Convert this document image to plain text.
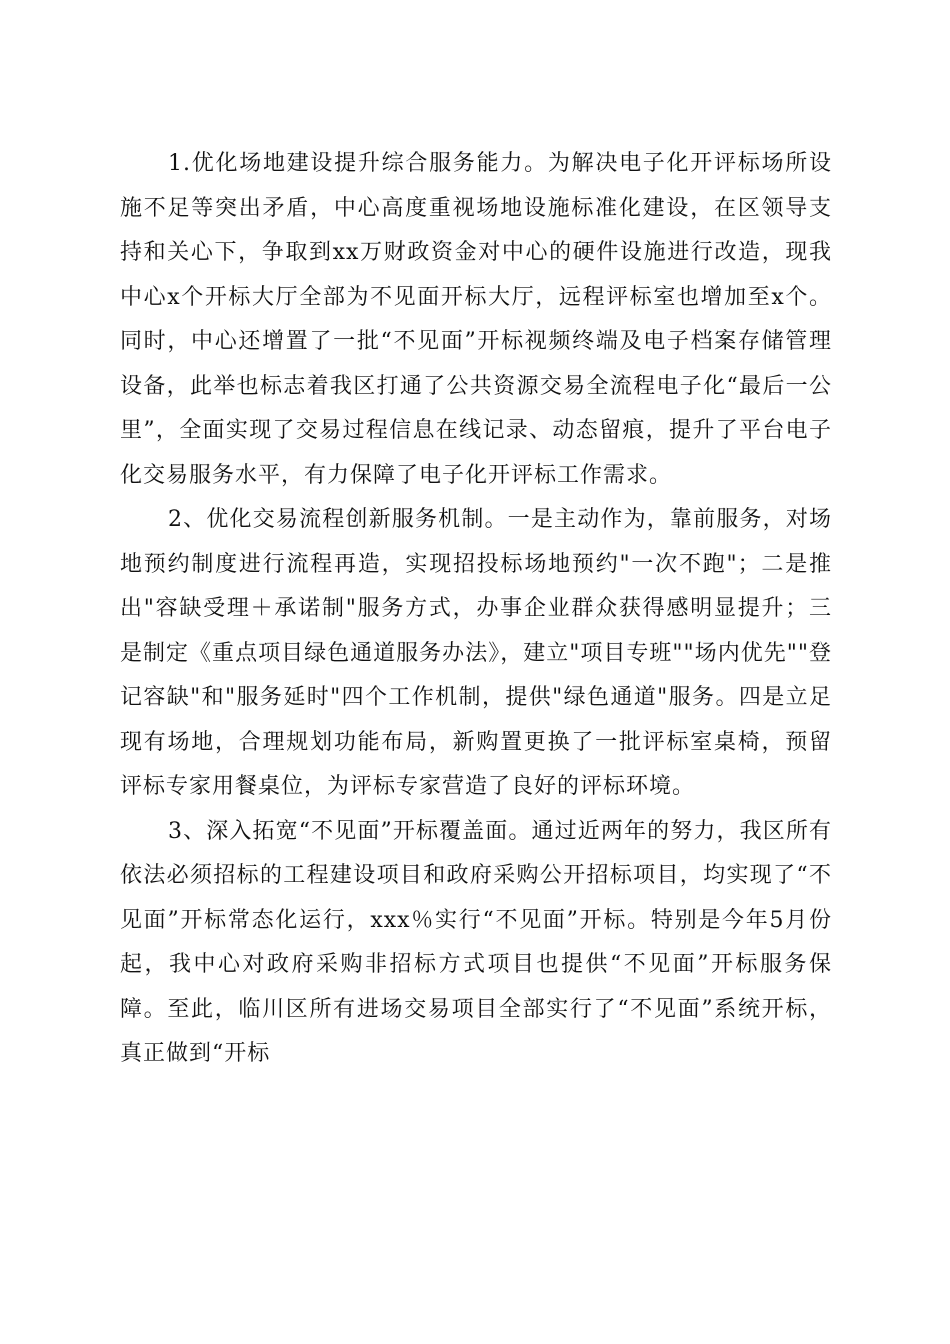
1.优化场地建设提升综合服务能力。为解决电子化开评标场所设施不足等突出矛盾，中心高度重视场地设施标准化建设，在区领导支持和关心下，争取到xx万财政资金对中心的硬件设施进行改造，现我中心x个开标大厅全部为不见面开标大厅，远程评标室也增加至x个。同时，中心还增置了一批“不见面”开标视频终端及电子档案存储管理设备，此举也标志着我区打通了公共资源交易全流程电子化“最后一公里”，全面实现了交易过程信息在线记录、动态留痕，提升了平台电子化交易服务水平，有力保障了电子化开评标工作需求。

2、优化交易流程创新服务机制。一是主动作为，靠前服务，对场地预约制度进行流程再造，实现招投标场地预约"一次不跑"；二是推出"容缺受理＋承诺制"服务方式，办事企业群众获得感明显提升；三是制定《重点项目绿色通道服务办法》，建立"项目专班""场内优先""登记容缺"和"服务延时"四个工作机制，提供"绿色通道"服务。四是立足现有场地，合理规划功能布局，新购置更换了一批评标室桌椅，预留评标专家用餐桌位，为评标专家营造了良好的评标环境。

3、深入拓宽“不见面”开标覆盖面。通过近两年的努力，我区所有依法必须招标的工程建设项目和政府采购公开招标项目，均实现了“不见面”开标常态化运行，xxx％实行“不见面”开标。特别是今年5月份起，我中心对政府采购非招标方式项目也提供“不见面”开标服务保障。至此，临川区所有进场交易项目全部实行了“不见面”系统开标，真正做到“开标
